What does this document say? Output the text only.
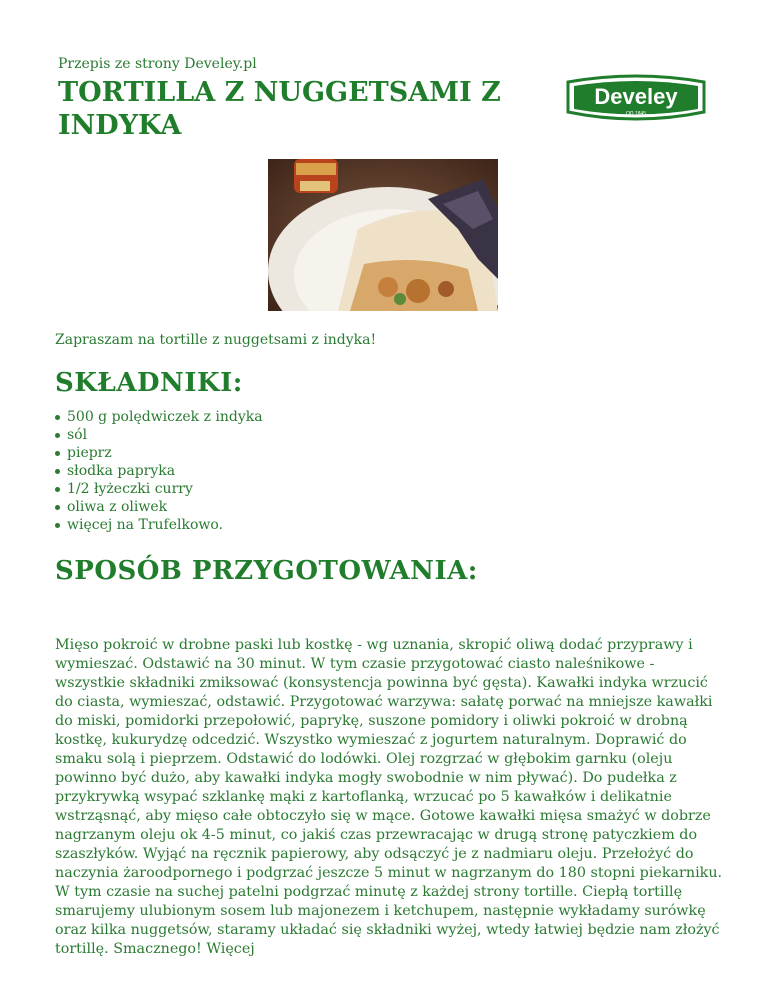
Przepis ze strony Develey.pl
TORTILLA Z NUGGETSAMI Z INDYKA
Develey
OD 1845
Zapraszam na tortille z nuggetsami z indyka!
SKŁADNIKI:
500 g polędwiczek z indyka
sól
pieprz
słodka papryka
1/2 łyżeczki curry
oliwa z oliwek
więcej na Trufelkowo.
SPOSÓB PRZYGOTOWANIA:

Mięso pokroić w drobne paski lub kostkę - wg uznania, skropić oliwą dodać przyprawy i wymieszać. Odstawić na 30 minut. W tym czasie przygotować ciasto naleśnikowe - wszystkie składniki zmiksować (konsystencja powinna być gęsta). Kawałki indyka wrzucić do ciasta, wymieszać, odstawić. Przygotować warzywa: sałatę porwać na mniejsze kawałki do miski, pomidorki przepołowić, paprykę, suszone pomidory i oliwki pokroić w drobną kostkę, kukurydzę odcedzić. Wszystko wymieszać z jogurtem naturalnym. Doprawić do smaku solą i pieprzem. Odstawić do lodówki. Olej rozgrzać w głębokim garnku (oleju powinno być dużo, aby kawałki indyka mogły swobodnie w nim pływać). Do pudełka z przykrywką wsypać szklankę mąki z kartoflanką, wrzucać po 5 kawałków i delikatnie wstrząsnąć, aby mięso całe obtoczyło się w mące. Gotowe kawałki mięsa smażyć w dobrze nagrzanym oleju ok 4-5 minut, co jakiś czas przewracając w drugą stronę patyczkiem do szaszłyków. Wyjąć na ręcznik papierowy, aby odsączyć je z nadmiaru oleju. Przełożyć do naczynia żaroodpornego i podgrzać jeszcze 5 minut w nagrzanym do 180 stopni piekarniku. W tym czasie na suchej patelni podgrzać minutę z każdej strony tortille. Ciepłą tortillę smarujemy ulubionym sosem lub majonezem i ketchupem, następnie wykładamy surówkę oraz kilka nuggetsów, staramy układać się składniki wyżej, wtedy łatwiej będzie nam złożyć tortillę. Smacznego! Więcej
